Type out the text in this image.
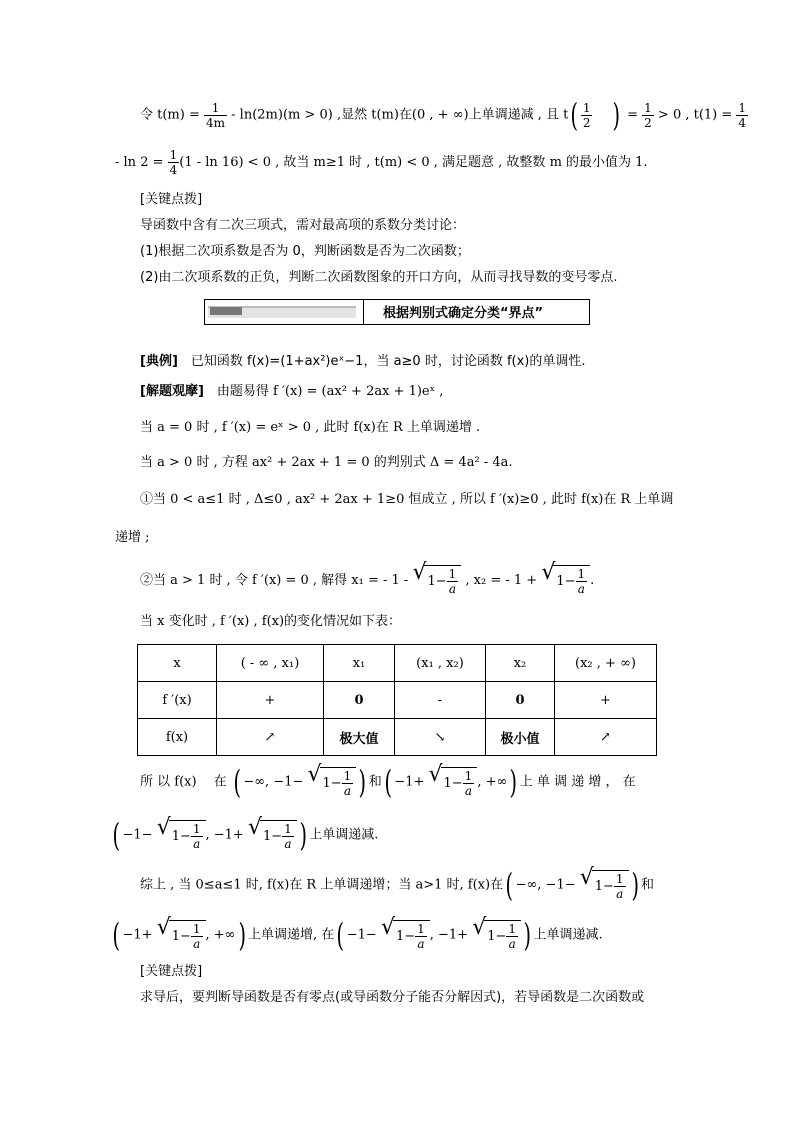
令 $t(m) = \frac{1}{4m} - \ln(2m)(m > 0)$ ,显然 t(m)在(0 , + ∞)上单调递减 , 且 $t( \frac{1}{2}$ ) = $\frac{1}{2} > 0$ , $t(1) = \frac{1}{4}$
- $\ln 2 = \frac{1}{4} (1 - \ln 16) < 0$ , 故当 m≥1 时 , t(m) < 0 , 满足题意 , 故整数 m 的最小值为 1.
[关键点拨]
导函数中含有二次三项式，需对最高项的系数分类讨论：
(1)根据二次项系数是否为 0，判断函数是否为二次函数；
(2)由二次项系数的正负，判断二次函数图象的开口方向，从而寻找导数的变号零点.
根据判别式确定分类“界点”
[典例]　已知函数 f(x)=(1+ax²)eˣ−1，当 a≥0 时，讨论函数 f(x)的单调性.
[解题观摩]　由题易得 f ′(x) = (ax² + 2ax + 1)eˣ ,
当 a = 0 时 , f ′(x) = eˣ > 0 , 此时 f(x)在 R 上单调递增 .
当 a > 0 时 , 方程 ax² + 2ax + 1 = 0 的判别式 Δ = 4a² - 4a.
①当 0 < a≤1 时 , Δ≤0 , ax² + 2ax + 1≥0 恒成立 , 所以 f ′(x)≥0 , 此时 f(x)在 R 上单调
递增 ;
②当 a > 1 时 , 令 f ′(x) = 0 , 解得 x₁ = - 1 - √ $1- \frac{1}{a}$ , x₂ = - 1 + √ $1- \frac{1}{a}$ .
当 x 变化时 , f ′(x) , f(x)的变化情况如下表：
x	( - ∞ , x₁)	x₁	(x₁ , x₂)	x₂	(x₂ , + ∞)
f ′(x)	+	0	-	0	+
f(x)	↗	极大值	↘	极小值	↗
所 以 f(x)　 在 ( −∞, −1− √ $1- \frac{1}{a}$ ) 和( −1+ √ $1- \frac{1}{a}$ , +∞) 上 单 调 递 增 ， 在
( −1− √ $1- \frac{1}{a}$ , −1+ √ $1- \frac{1}{a}$ ) 上单调递减.
综上 , 当 0≤a≤1 时, f(x)在 R 上单调递增；当 a>1 时, f(x)在( −∞, −1− √ $1- \frac{1}{a}$ ) 和
( −1+ √ $1- \frac{1}{a}$ , +∞) 上单调递增, 在( −1− √ $1- \frac{1}{a}$ , −1+ √ $1- \frac{1}{a}$ ) 上单调递减.
[关键点拨]
求导后，要判断导函数是否有零点(或导函数分子能否分解因式)，若导函数是二次函数或
